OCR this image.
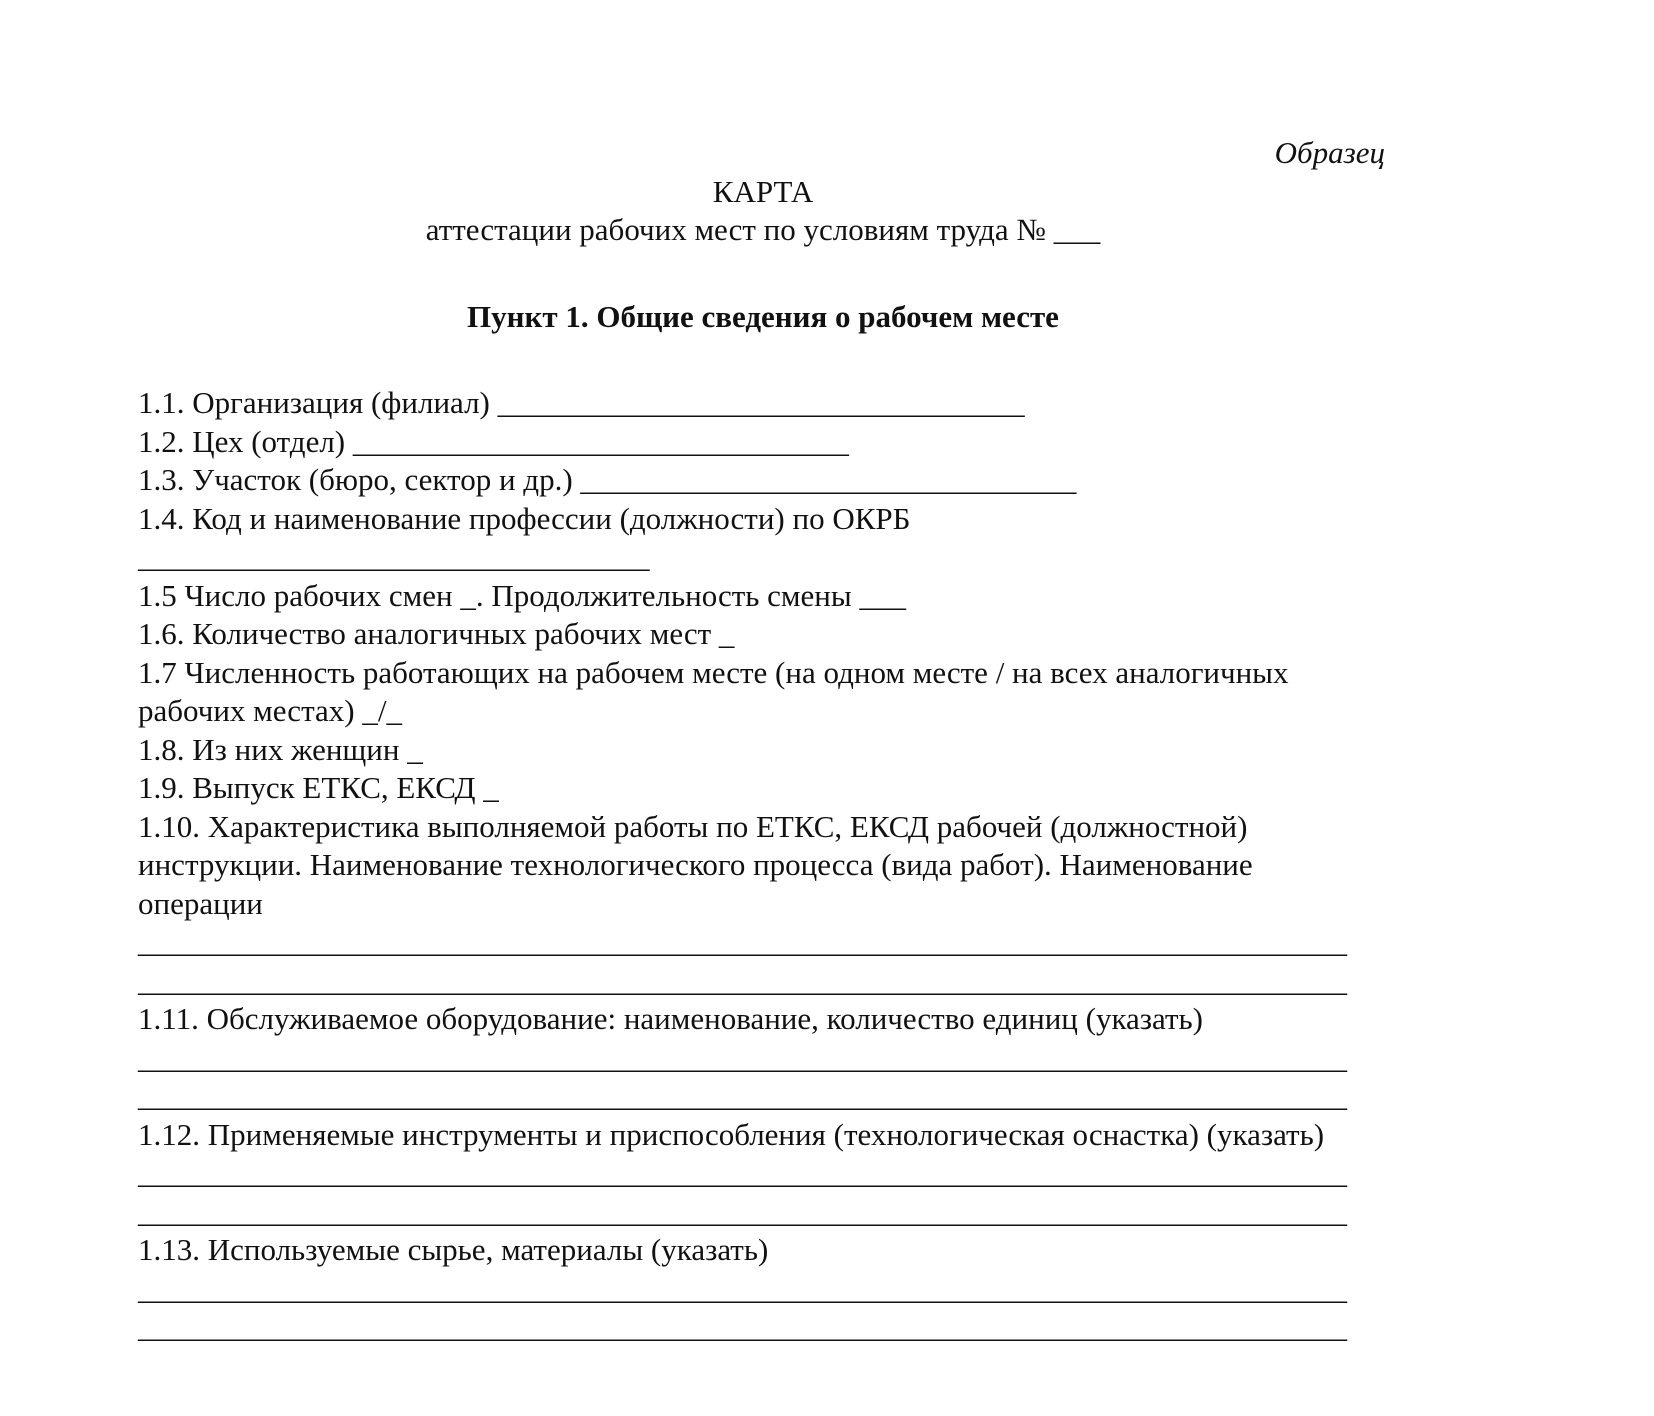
Образец
КАРТА
аттестации рабочих мест по условиям труда № ___
Пункт 1. Общие сведения о рабочем месте
1.1. Организация (филиал) __________________________________
1.2. Цех (отдел) ________________________________
1.3. Участок (бюро, сектор и др.) ________________________________
1.4. Код и наименование профессии (должности) по ОКРБ
_________________________________
1.5 Число рабочих смен _. Продолжительность смены ___
1.6. Количество аналогичных рабочих мест _
1.7 Численность работающих на рабочем месте (на одном месте / на всех аналогичных
рабочих местах) _/_
1.8. Из них женщин _
1.9. Выпуск ЕТКС, ЕКСД _
1.10. Характеристика выполняемой работы по ЕТКС, ЕКСД рабочей (должностной)
инструкции. Наименование технологического процесса (вида работ). Наименование
операции
______________________________________________________________________________
______________________________________________________________________________
1.11. Обслуживаемое оборудование: наименование, количество единиц (указать)
______________________________________________________________________________
______________________________________________________________________________
1.12. Применяемые инструменты и приспособления (технологическая оснастка) (указать)
______________________________________________________________________________
______________________________________________________________________________
1.13. Используемые сырье, материалы (указать)
______________________________________________________________________________
______________________________________________________________________________
